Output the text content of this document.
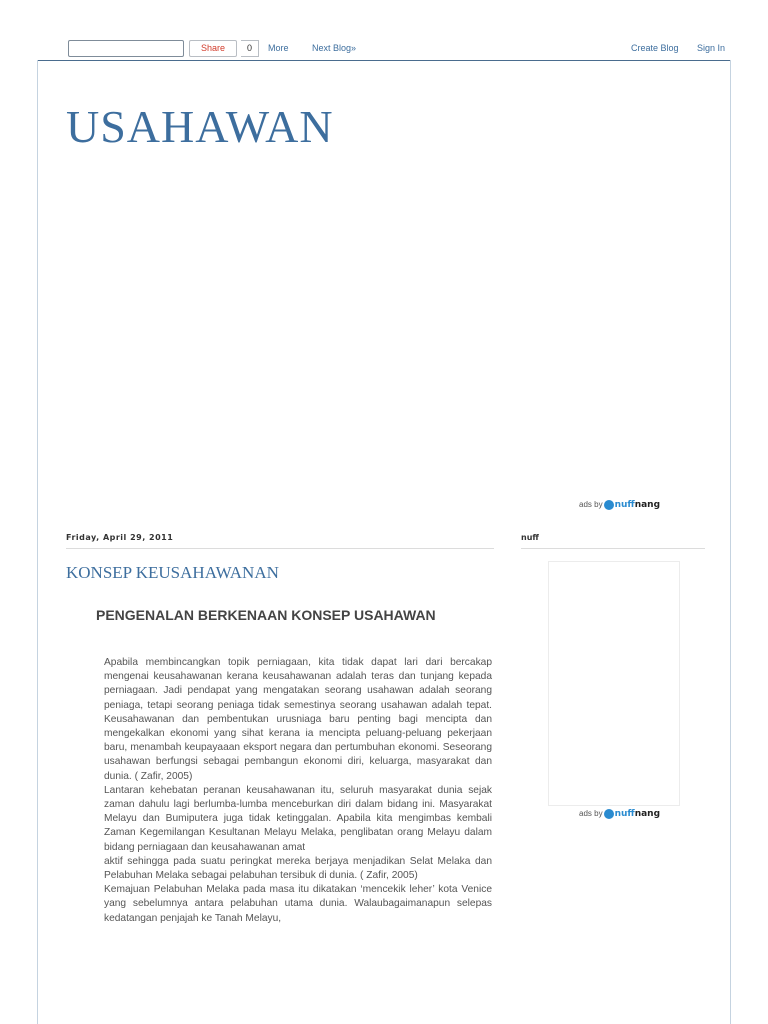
Share	0	More	Next Blog»	Create Blog Sign In
USAHAWAN
ads by nuffnang
Friday, April 29, 2011
KONSEP KEUSAHAWANAN
PENGENALAN BERKENAAN KONSEP USAHAWAN

Apabila membincangkan topik perniagaan, kita tidak dapat lari dari bercakap mengenai keusahawanan kerana keusahawanan adalah teras dan tunjang kepada perniagaan. Jadi pendapat yang mengatakan seorang usahawan adalah seorang peniaga, tetapi seorang peniaga tidak semestinya seorang usahawan adalah tepat. Keusahawanan dan pembentukan urusniaga baru penting bagi mencipta dan mengekalkan ekonomi yang sihat kerana ia mencipta peluang-peluang pekerjaan baru, menambah keupayaaan eksport negara dan pertumbuhan ekonomi. Seseorang usahawan berfungsi sebagai pembangun ekonomi diri, keluarga, masyarakat dan dunia. ( Zafir, 2005)

Lantaran kehebatan peranan keusahawanan itu, seluruh masyarakat dunia sejak zaman dahulu lagi berlumba-lumba menceburkan diri dalam bidang ini. Masyarakat Melayu dan Bumiputera juga tidak ketinggalan. Apabila kita mengimbas kembali Zaman Kegemilangan Kesultanan Melayu Melaka, penglibatan orang Melayu dalam bidang perniagaan dan keusahawanan amat

aktif sehingga pada suatu peringkat mereka berjaya menjadikan Selat Melaka dan Pelabuhan Melaka sebagai pelabuhan tersibuk di dunia. ( Zafir, 2005)

Kemajuan Pelabuhan Melaka pada masa itu dikatakan ‘mencekik leher’ kota Venice yang sebelumnya antara pelabuhan utama dunia. Walaubagaimanapun selepas kedatangan penjajah ke Tanah Melayu,

nuff
ads by nuffnang
